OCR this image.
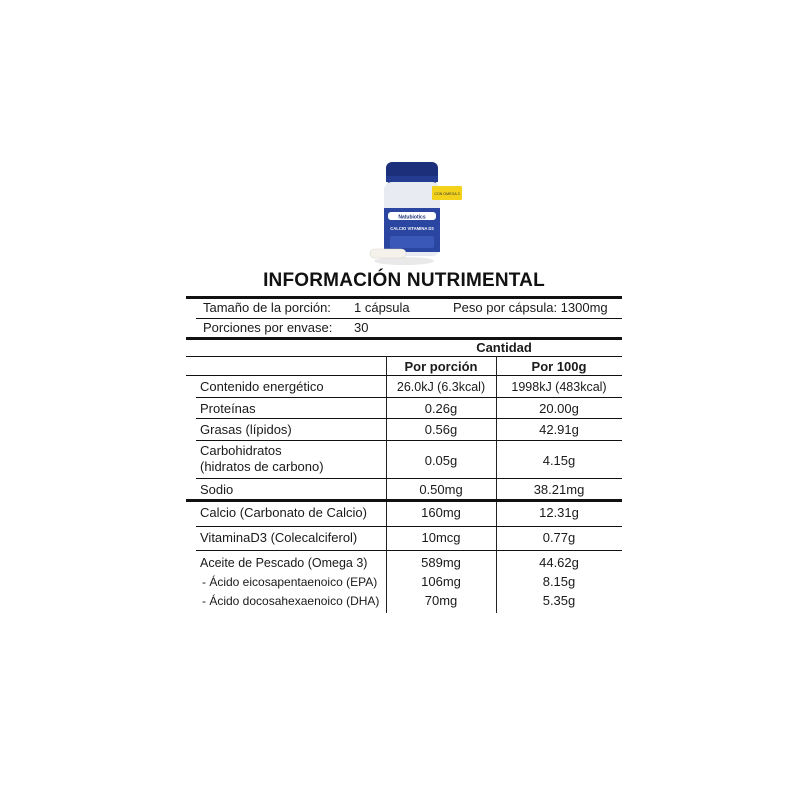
Natubiotics
CALCIO VITAMINA D3
CON OMEGA 3
INFORMACIÓN NUTRIMENTAL
Tamaño de la porción: 1 cápsula	Peso por cápsula: 1300mg
Porciones por envase: 30
Cantidad
Por porción	Por 100g
Contenido energético	26.0kJ (6.3kcal)	1998kJ (483kcal)
Proteínas	0.26g	20.00g
Grasas (lípidos)	0.56g	42.91g
Carbohidratos
(hidratos de carbono)	0.05g	4.15g
Sodio	0.50mg	38.21mg
Calcio (Carbonato de Calcio)	160mg	12.31g
VitaminaD3 (Colecalciferol)	10mcg	0.77g
Aceite de Pescado (Omega 3)	589mg	44.62g
- Ácido eicosapentaenoico (EPA)	106mg	8.15g
- Ácido docosahexaenoico (DHA)	70mg	5.35g
